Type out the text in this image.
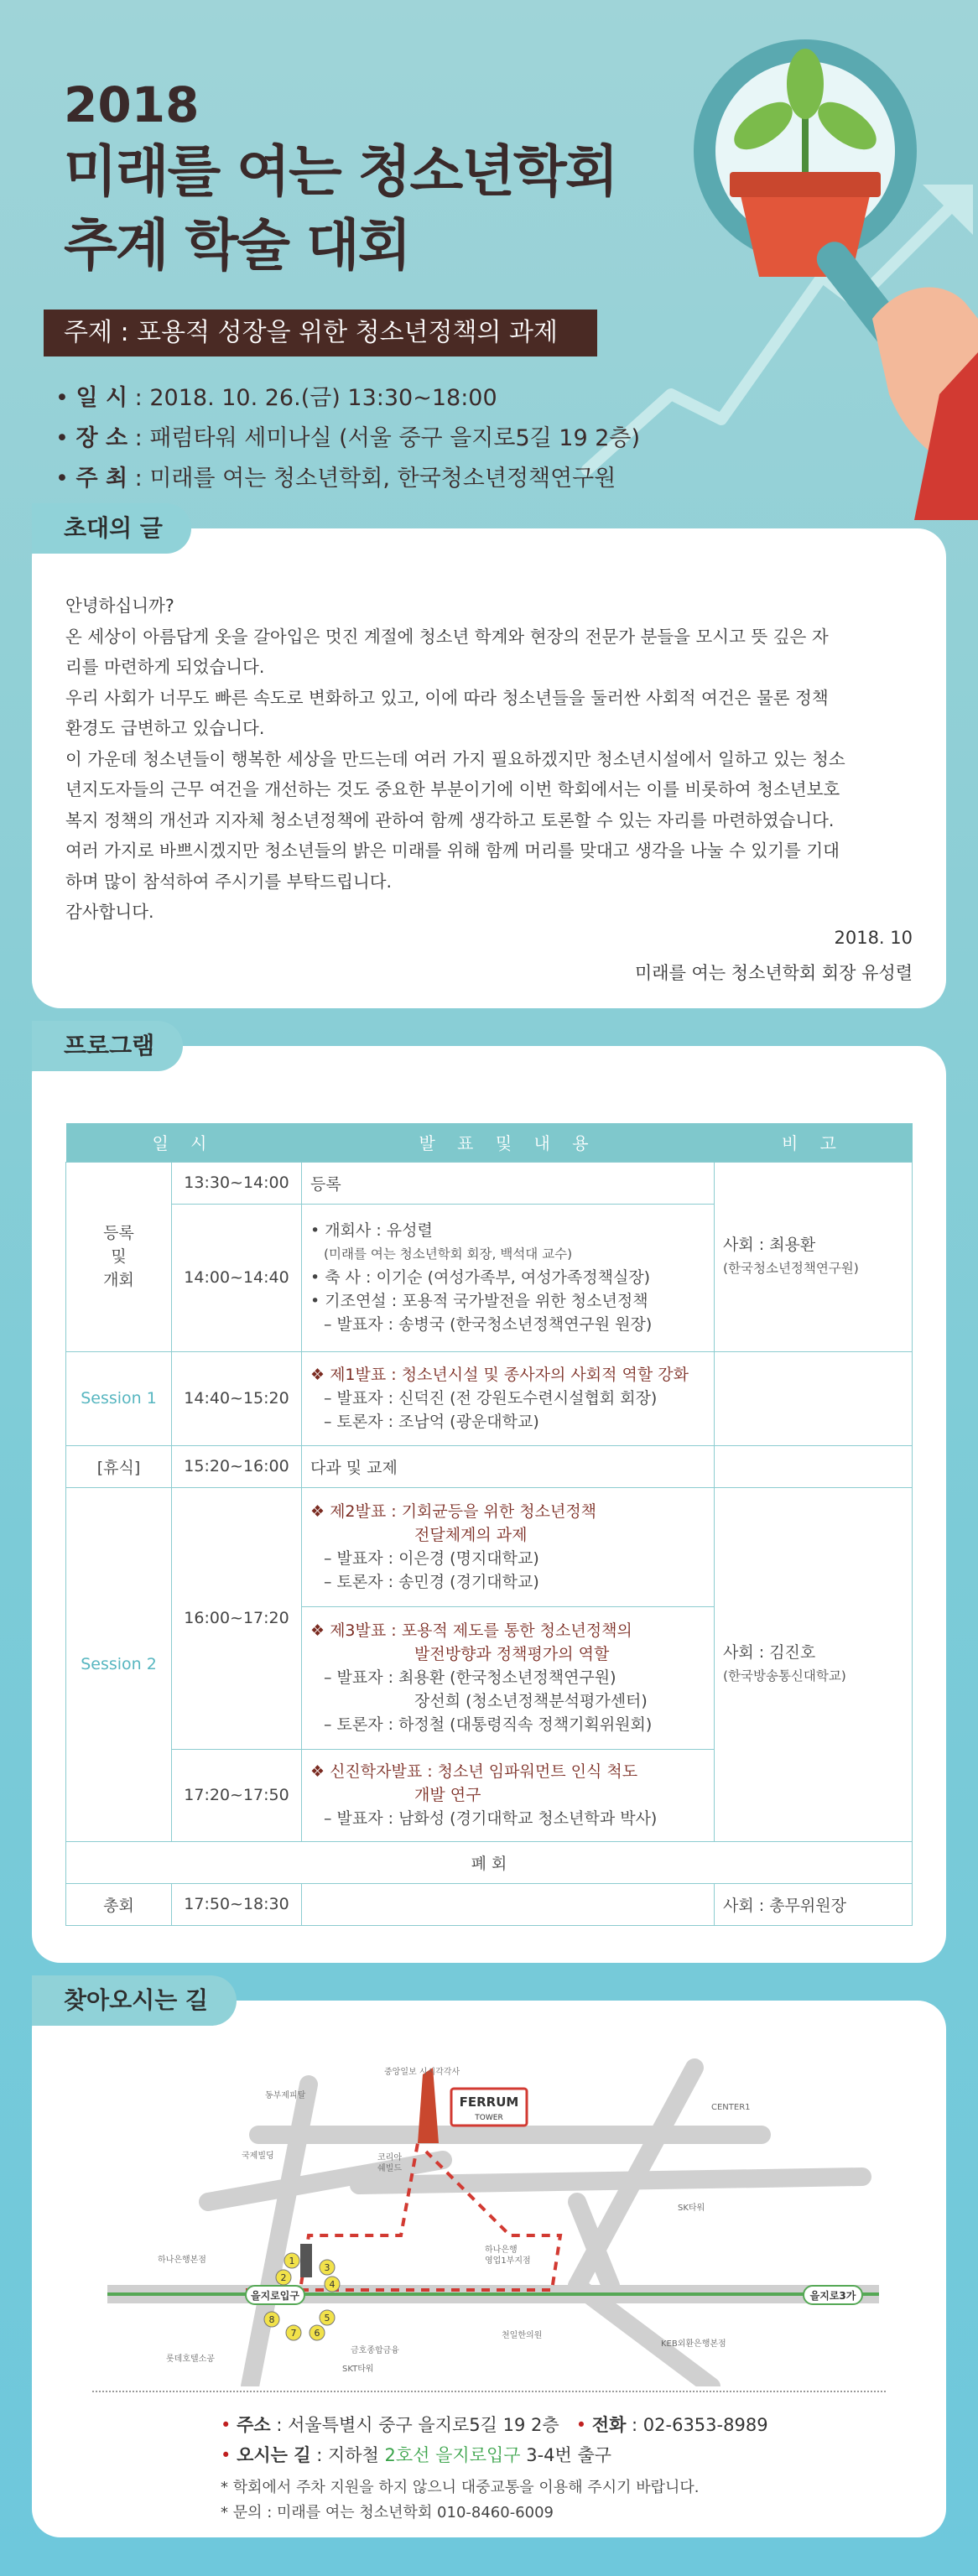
2018
미래를 여는 청소년학회
추계 학술 대회
주제 : 포용적 성장을 위한 청소년정책의 과제
• 일 시 : 2018. 10. 26.(금) 13:30~18:00
• 장 소 : 패럼타워 세미나실 (서울 중구 을지로5길 19 2층)
• 주 최 : 미래를 여는 청소년학회, 한국청소년정책연구원
초대의 글

안녕하십니까?

온 세상이 아름답게 옷을 갈아입은 멋진 계절에 청소년 학계와 현장의 전문가 분들을 모시고 뜻 깊은 자

리를 마련하게 되었습니다.

우리 사회가 너무도 빠른 속도로 변화하고 있고, 이에 따라 청소년들을 둘러싼 사회적 여건은 물론 정책

환경도 급변하고 있습니다.

이 가운데 청소년들이 행복한 세상을 만드는데 여러 가지 필요하겠지만 청소년시설에서 일하고 있는 청소

년지도자들의 근무 여건을 개선하는 것도 중요한 부분이기에 이번 학회에서는 이를 비롯하여 청소년보호

복지 정책의 개선과 지자체 청소년정책에 관하여 함께 생각하고 토론할 수 있는 자리를 마련하였습니다.

여러 가지로 바쁘시겠지만 청소년들의 밝은 미래를 위해 함께 머리를 맞대고 생각을 나눌 수 있기를 기대

하며 많이 참석하여 주시기를 부탁드립니다.

감사합니다.

2018. 10
미래를 여는 청소년학회 회장 유성렬
프로그램
일 시		발 표 및 내 용	비 고

등록
및
개회	13:30~14:00	등록	사회 : 최용환
(한국청소년정책연구원)

	14:00~14:40	• 개회사 : 유성렬
(미래를 여는 청소년학회 회장, 백석대 교수)
• 축 사 : 이기순 (여성가족부, 여성가족정책실장)
• 기조연설 : 포용적 국가발전을 위한 청소년정책
– 발표자 : 송병국 (한국청소년정책연구원 원장)	

Session 1	14:40~15:20	❖ 제1발표 : 청소년시설 및 종사자의 사회적 역할 강화
– 발표자 : 신덕진 (전 강원도수련시설협회 회장)
– 토론자 : 조남억 (광운대학교)	

[휴식]	15:20~16:00	다과 및 교제	
Session 2	16:00~17:20	❖ 제2발표 : 기회균등을 위한 청소년정책
전달체계의 과제
– 발표자 : 이은경 (명지대학교)
– 토론자 : 송민경 (경기대학교)	사회 : 김진호
(한국방송통신대학교)

		❖ 제3발표 : 포용적 제도를 통한 청소년정책의
발전방향과 정책평가의 역할
– 발표자 : 최용환 (한국청소년정책연구원)
장선희 (청소년정책분석평가센터)
– 토론자 : 하정철 (대통령직속 정책기획위원회)	

	17:20~17:50	❖ 신진학자발표 : 청소년 임파워먼트 인식 척도
개발 연구
– 발표자 : 남화성 (경기대학교 청소년학과 박사)	

폐 회			
총회	17:50~18:30		사회 : 총무위원장
찾아오시는 길
FERRUM
TOWER
을지로입구	을지로3가
1
2
3
4
5
6
7
8
중앙일보 시시각각사
동부제피탈
국제빌딩	코리아
쉐빌드
CENTER1
SK타워
하나은행본점
하나은행
영업1부지점
롯데호텔소공
금호종합금융
SKT타워
천일한의원
KEB외환은행본점
• 주소 : 서울특별시 중구 을지로5길 19 2층 • 전화 : 02-6353-8989
• 오시는 길 : 지하철 2호선 을지로입구 3-4번 출구
* 학회에서 주차 지원을 하지 않으니 대중교통을 이용해 주시기 바랍니다.
* 문의 : 미래를 여는 청소년학회 010-8460-6009
